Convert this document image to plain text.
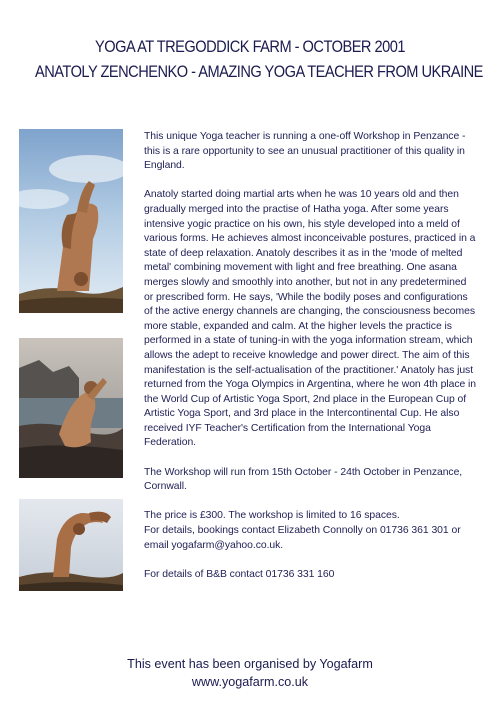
YOGA AT TREGODDICK FARM - OCTOBER 2001
ANATOLY ZENCHENKO - AMAZING YOGA TEACHER FROM UKRAINE

This unique Yoga teacher is running a one-off Workshop in Penzance - this is a rare opportunity to see an unusual practitioner of this quality in England.

Anatoly started doing martial arts when he was 10 years old and then gradually merged into the practise of Hatha yoga. After some years intensive yogic practice on his own, his style developed into a meld of various forms. He achieves almost inconceivable postures, practiced in a state of deep relaxation. Anatoly describes it as in the 'mode of melted metal' combining movement with light and free breathing. One asana merges slowly and smoothly into another, but not in any predetermined or prescribed form. He says, 'While the bodily poses and configurations of the active energy channels are changing, the consciousness becomes more stable, expanded and calm. At the higher levels the practice is performed in a state of tuning-in with the yoga information stream, which allows the adept to receive knowledge and power direct. The aim of this manifestation is the self-actualisation of the practitioner.' Anatoly has just returned from the Yoga Olympics in Argentina, where he won 4th place in the World Cup of Artistic Yoga Sport, 2nd place in the European Cup of Artistic Yoga Sport, and 3rd place in the Intercontinental Cup. He also received IYF Teacher's Certification from the International Yoga Federation.

The Workshop will run from 15th October - 24th October in Penzance, Cornwall.

The price is £300. The workshop is limited to 16 spaces.

For details, bookings contact Elizabeth Connolly on 01736 361 301 or email yogafarm@yahoo.co.uk.

For details of B&B contact 01736 331 160

This event has been organised by Yogafarm
www.yogafarm.co.uk
